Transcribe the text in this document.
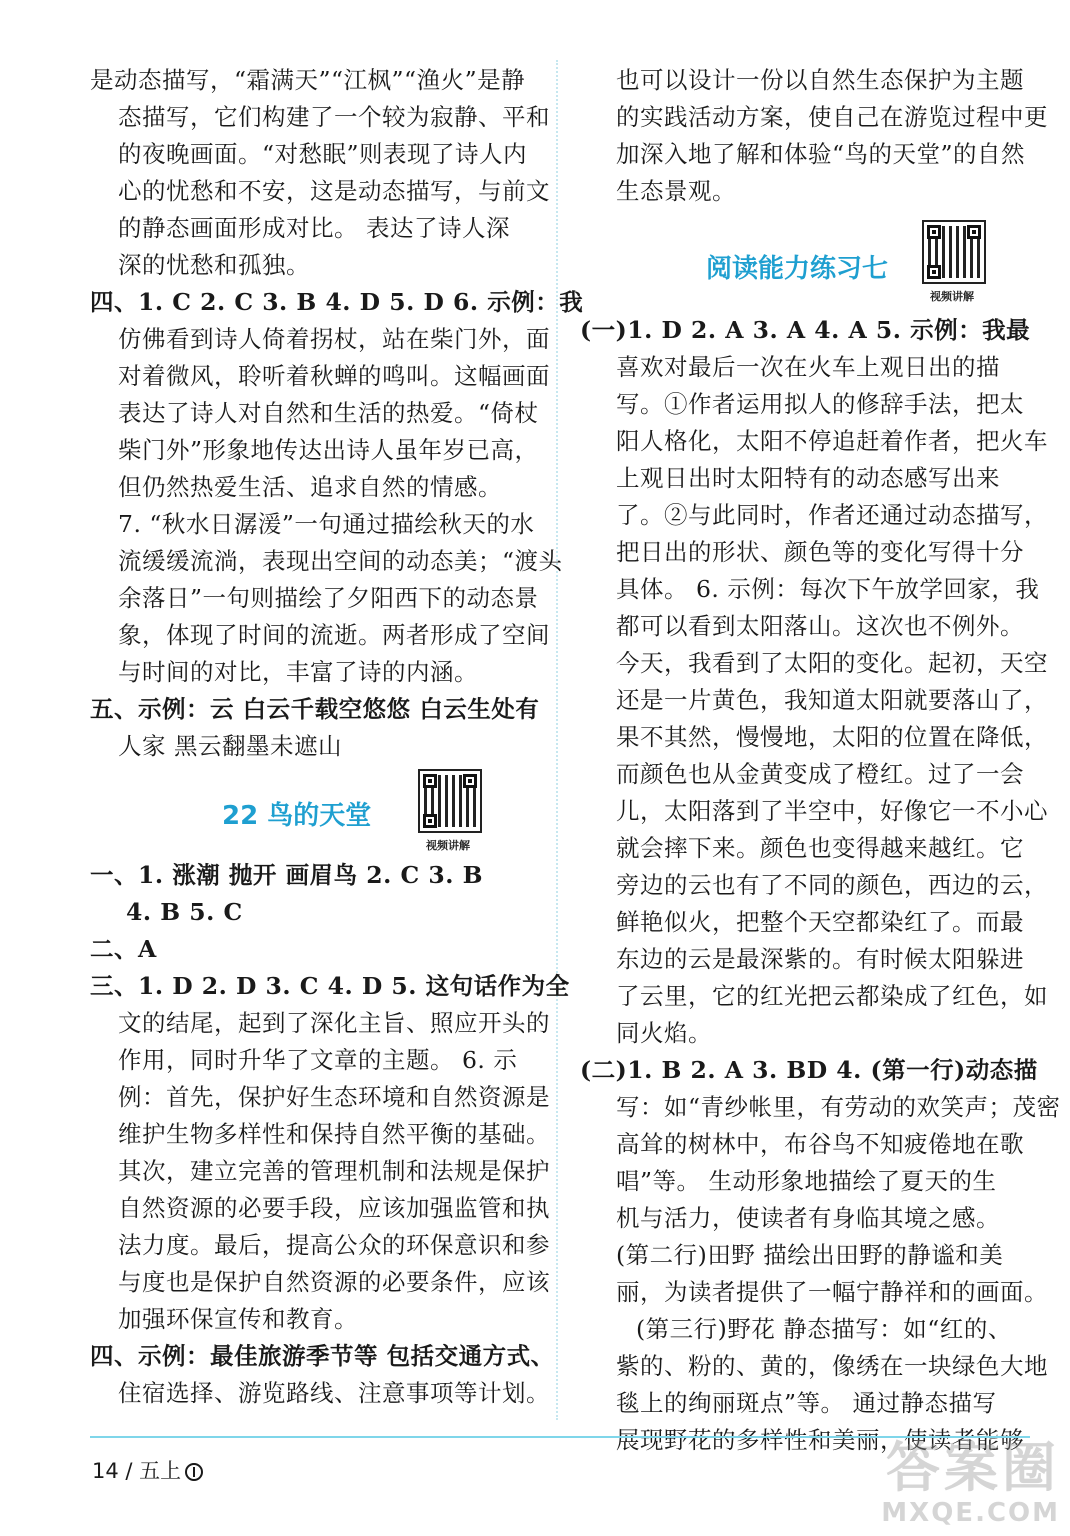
是动态描写，“霜满天”“江枫”“渔火”是静
态描写，它们构建了一个较为寂静、平和
的夜晚画面。“对愁眠”则表现了诗人内
心的忧愁和不安，这是动态描写，与前文
的静态画面形成对比。 表达了诗人深
深的忧愁和孤独。
四、1. C 2. C 3. B 4. D 5. D 6. 示例：我
仿佛看到诗人倚着拐杖，站在柴门外，面
对着微风，聆听着秋蝉的鸣叫。这幅画面
表达了诗人对自然和生活的热爱。“倚杖
柴门外”形象地传达出诗人虽年岁已高，
但仍然热爱生活、追求自然的情感。
7. “秋水日潺湲”一句通过描绘秋天的水
流缓缓流淌，表现出空间的动态美；“渡头
余落日”一句则描绘了夕阳西下的动态景
象，体现了时间的流逝。两者形成了空间
与时间的对比，丰富了诗的内涵。
五、示例：云 白云千载空悠悠 白云生处有
人家 黑云翻墨未遮山
22 鸟的天堂
视频讲解
一、1. 涨潮 抛开 画眉鸟 2. C 3. B
4. B 5. C
二、A
三、1. D 2. D 3. C 4. D 5. 这句话作为全
文的结尾，起到了深化主旨、照应开头的
作用，同时升华了文章的主题。 6. 示
例：首先，保护好生态环境和自然资源是
维护生物多样性和保持自然平衡的基础。
其次，建立完善的管理机制和法规是保护
自然资源的必要手段，应该加强监管和执
法力度。最后，提高公众的环保意识和参
与度也是保护自然资源的必要条件，应该
加强环保宣传和教育。
四、示例：最佳旅游季节等 包括交通方式、
住宿选择、游览路线、注意事项等计划。
也可以设计一份以自然生态保护为主题
的实践活动方案，使自己在游览过程中更
加深入地了解和体验“鸟的天堂”的自然
生态景观。
阅读能力练习七
视频讲解
(一)1. D 2. A 3. A 4. A 5. 示例：我最
喜欢对最后一次在火车上观日出的描
写。①作者运用拟人的修辞手法，把太
阳人格化，太阳不停追赶着作者，把火车
上观日出时太阳特有的动态感写出来
了。②与此同时，作者还通过动态描写，
把日出的形状、颜色等的变化写得十分
具体。 6. 示例：每次下午放学回家，我
都可以看到太阳落山。这次也不例外。
今天，我看到了太阳的变化。起初，天空
还是一片黄色，我知道太阳就要落山了，
果不其然，慢慢地，太阳的位置在降低，
而颜色也从金黄变成了橙红。过了一会
儿，太阳落到了半空中，好像它一不小心
就会摔下来。颜色也变得越来越红。它
旁边的云也有了不同的颜色，西边的云，
鲜艳似火，把整个天空都染红了。而最
东边的云是最深紫的。有时候太阳躲进
了云里，它的红光把云都染成了红色，如
同火焰。
(二)1. B 2. A 3. BD 4. (第一行)动态描
写：如“青纱帐里，有劳动的欢笑声；茂密
高耸的树林中，布谷鸟不知疲倦地在歌
唱”等。 生动形象地描绘了夏天的生
机与活力，使读者有身临其境之感。
(第二行)田野 描绘出田野的静谧和美
丽，为读者提供了一幅宁静祥和的画面。
(第三行)野花 静态描写：如“红的、
紫的、粉的、黄的，像绣在一块绿色大地
毯上的绚丽斑点”等。 通过静态描写
展现野花的多样性和美丽，使读者能够
14 / 五上	答案圈
MXQE.COM
